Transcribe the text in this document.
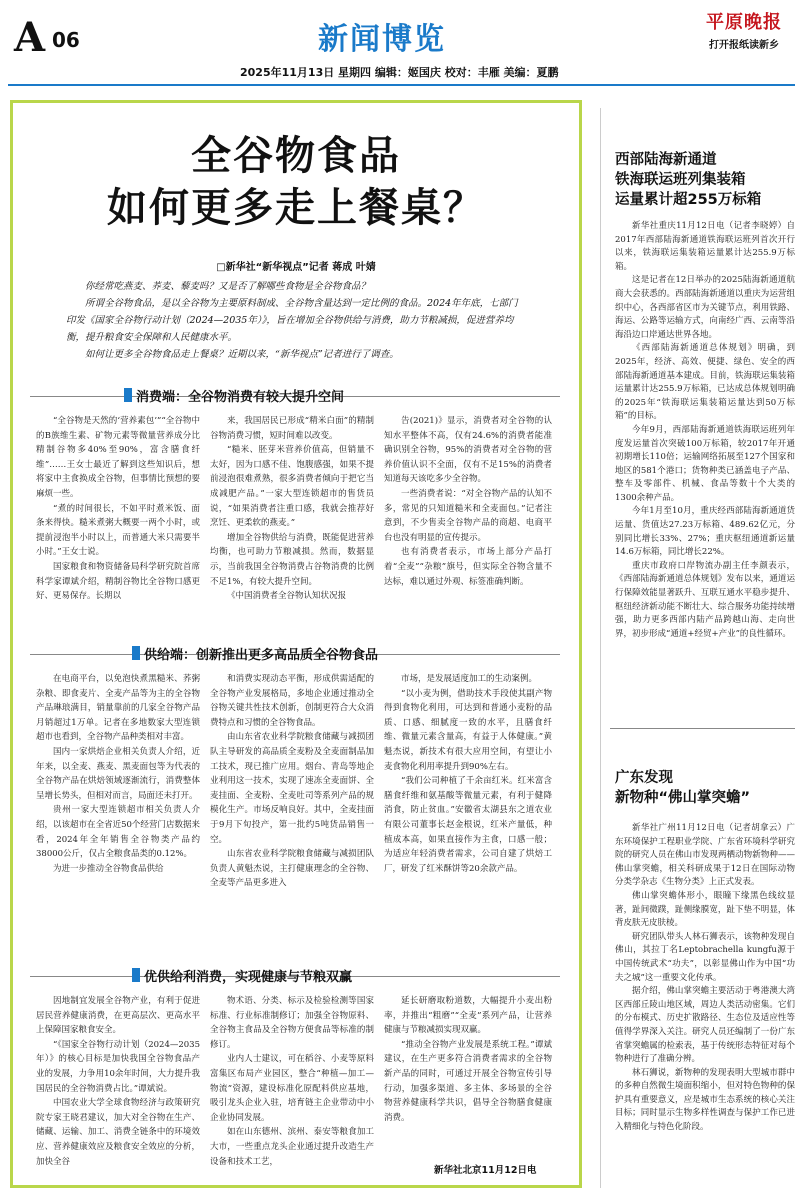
A 06	新闻博览	平原晚报
打开报纸读新乡
2025年11月13日 星期四 编辑：姬国庆 校对：丰雁 美编：夏鹏
全谷物食品
如何更多走上餐桌？
□新华社“新华视点”记者 蒋成 叶婧

你经常吃燕麦、荞麦、藜麦吗？又是否了解哪些食物是全谷物食品？

所谓全谷物食品，是以全谷物为主要原料制成、全谷物含量达到一定比例的食品。2024年年底，七部门印发《国家全谷物行动计划（2024—2035年）》，旨在增加全谷物供给与消费，助力节粮减损，促进营养均衡，提升粮食安全保障和人民健康水平。

如何让更多全谷物食品走上餐桌？近期以来，“新华视点”记者进行了调查。

消费端：全谷物消费有较大提升空间

“全谷物是天然的‘营养素包’”“全谷物中的B族维生素、矿物元素等微量营养成分比精制谷物多40%至90%，富含膳食纤维”……王女士最近了解到这些知识后，想将家中主食换成全谷物，但事情比预想的要麻烦一些。

“煮的时间很长，不如平时煮米饭、面条来得快。糙米煮粥大概要一两个小时，或提前浸泡半小时以上，而普通大米只需要半小时。”王女士说。

国家粮食和物资储备局科学研究院首席科学家谭斌介绍，精制谷物比全谷物口感更好、更易保存。长期以

来，我国居民已形成“精米白面”的精制谷物消费习惯，短时间难以改变。

“糙米、胚芽米营养价值高，但销量不太好，因为口感不佳、饱腹感强，如果不提前浸泡很难煮熟，很多消费者倾向于把它当成减肥产品。”一家大型连锁超市的售货员说，“如果消费者注重口感，我就会推荐好烹饪、更柔软的燕麦。”

增加全谷物供给与消费，既能促进营养均衡，也可助力节粮减损。然而，数据显示，当前我国全谷物消费占谷物消费的比例不足1%，有较大提升空间。

《中国消费者全谷物认知状况报

告(2021)》显示，消费者对全谷物的认知水平整体不高，仅有24.6%的消费者能准确识别全谷物，95%的消费者对全谷物的营养价值认识不全面，仅有不足15%的消费者知道每天该吃多少全谷物。

一些消费者说：“对全谷物产品的认知不多，常见的只知道糙米和全麦面包。”记者注意到，不少售卖全谷物产品的商超、电商平台也没有明显的宣传提示。

也有消费者表示，市场上部分产品打着“全麦”“杂粮”旗号，但实际全谷物含量不达标，难以通过外观、标签准确判断。

供给端：创新推出更多高品质全谷物食品

在电商平台，以免泡快煮黑糙米、荞粥杂粮、即食麦片、全麦产品等为主的全谷物产品琳琅满目，销量靠前的几家全谷物产品月销超过1万单。记者在多地数家大型连锁超市也看到，全谷物产品种类相对丰富。

国内一家烘焙企业相关负责人介绍，近年来，以全麦、燕麦、黑麦面包等为代表的全谷物产品在烘焙领域逐渐流行，消费整体呈增长势头，但相对而言，局面还未打开。

贵州一家大型连锁超市相关负责人介绍，以该超市在全省近50个经营门店数据来看，2024年全年销售全谷物类产品约38000公斤，仅占全粮食品类的0.12%。

为进一步推动全谷物食品供给

和消费实现动态平衡，形成供需适配的全谷物产业发展格局，多地企业通过推动全谷物关键共性技术创新，创制更符合大众消费特点和习惯的全谷物食品。

由山东省农业科学院粮食储藏与减损团队主导研发的高品质全麦粉及全麦面制品加工技术，现已推广应用。烟台、青岛等地企业利用这一技术，实现了速冻全麦面饼、全麦挂面、全麦粉、全麦吐司等系列产品的规模化生产。市场反响良好。其中，全麦挂面于9月下旬投产，第一批约5吨货品销售一空。

山东省农业科学院粮食储藏与减损团队负责人黄魁杰说，主打健康理念的全谷物、全麦等产品更多进入

市场，是发展适度加工的生动案例。

“以小麦为例，借助技术手段使其副产物得到食物化利用，可达到和普通小麦粉的品质、口感、细腻度一致的水平，且膳食纤维、微量元素含量高，有益于人体健康。”黄魁杰说，新技术有很大应用空间，有望让小麦食物化利用率提升到90%左右。

“我们公司种植了千余亩红米。红米富含膳食纤维和氨基酸等微量元素，有利于健降消食，防止贫血。”安徽省太湖县东之道农业有限公司董事长赵金根说，红米产量低，种植成本高，如果直接作为主食，口感一般；为适应年轻消费者需求，公司自建了烘焙工厂，研发了红米酥饼等20余款产品。

优供给利消费，实现健康与节粮双赢

因地制宜发展全谷物产业，有利于促进居民营养健康消费，在更高层次、更高水平上保障国家粮食安全。

“《国家全谷物行动计划（2024—2035年）》的核心目标是加快我国全谷物食品产业的发展，力争用10余年时间，大力提升我国居民的全谷物消费占比。”谭斌说。

中国农业大学全球食物经济与政策研究院专家王晓君建议，加大对全谷物在生产、储藏、运输、加工、消费全链条中的环境效应、营养健康效应及粮食安全效应的分析，加快全谷

物术语、分类、标示及检验检测等国家标准、行业标准制修订；加强全谷物原料、全谷物主食品及全谷物方便食品等标准的制修订。

业内人士建议，可在稻谷、小麦等原料富集区布局产业园区，整合“种植—加工—物流”资源，建设标准化原配料供应基地，吸引龙头企业入驻，培育链主企业带动中小企业协同发展。

如在山东德州、滨州、泰安等粮食加工大市，一些重点龙头企业通过提升改造生产设备和技术工艺，

延长研磨取粉道数，大幅提升小麦出粉率，并推出“粗磨”“全麦”系列产品，让营养健康与节粮减损实现双赢。

“推动全谷物产业发展是系统工程。”谭斌建议，在生产更多符合消费者需求的全谷物新产品的同时，可通过开展全谷物宣传引导行动，加强多渠道、多主体、多场景的全谷物营养健康科学共识，倡导全谷物膳食健康消费。

新华社北京11月12日电
西部陆海新通道
铁海联运班列集装箱
运量累计超255万标箱

新华社重庆11月12日电（记者李晓婷）自2017年西部陆海新通道铁海联运班列首次开行以来，铁海联运集装箱运量累计达255.9万标箱。

这是记者在12日举办的2025陆海新通道航商大会获悉的。西部陆海新通道以重庆为运营组织中心，各西部省区市为关键节点，利用铁路、海运、公路等运输方式，向南经广西、云南等沿海沿边口岸通达世界各地。

《西部陆海新通道总体规划》明确，到2025年，经济、高效、便捷、绿色、安全的西部陆海新通道基本建成。目前，铁海联运集装箱运量累计达255.9万标箱，已达成总体规划明确的2025年“铁海联运集装箱运量达到50万标箱”的目标。

今年9月，西部陆海新通道铁海联运班列年度发运量首次突破100万标箱，较2017年开通初期增长110倍；运输网络拓展至127个国家和地区的581个港口；货物种类已涵盖电子产品、整车及零部件、机械、食品等数十个大类的1300余种产品。

今年1月至10月，重庆经西部陆海新通道货运量、货值达27.23万标箱、489.62亿元，分别同比增长33%、27%；重庆枢纽通道新运量14.6万标箱，同比增长22%。

重庆市政府口岸物流办副主任李颜表示，《西部陆海新通道总体规划》发布以来，通道运行保障效能显著跃升、互联互通水平稳步提升、枢纽经济新动能不断壮大、综合服务功能持续增强，助力更多西部内陆产品跨越山海、走向世界，初步形成“通道+经贸+产业”的良性循环。

广东发现
新物种“佛山掌突蟾”

新华社广州11月12日电（记者胡拿云）广东环境保护工程职业学院、广东省环境科学研究院的研究人员在佛山市发现两栖动物新物种——佛山掌突蟾，相关科研成果于12日在国际动物分类学杂志《生物分类》上正式发表。

佛山掌突蟾体形小，眼瞳下缘黑色线纹显著，趾间微蹼，趾侧缘膜宽，趾下垫不明显，体背皮肤无皮肤棱。

研究团队带头人林石狮表示，该物种发现自佛山，其拉丁名Leptobrachella kungfu源于中国传统武术“功夫”，以彰显佛山作为中国“功夫之城”这一重要文化传承。

据介绍，佛山掌突蟾主要活动于粤港澳大湾区西部丘陵山地区域，周边人类活动密集。它们的分布模式、历史扩散路径、生态位及适应性等值得学界深入关注。研究人员还编制了一份广东省掌突蟾属的检索表，基于传统形态特征对每个物种进行了准确分辨。

林石狮说，新物种的发现表明大型城市群中的多种自然微生境面积缩小，但对特色物种的保护具有重要意义，应是城市生态系统的核心关注目标；同时显示生物多样性调查与保护工作已进入精细化与特色化阶段。
